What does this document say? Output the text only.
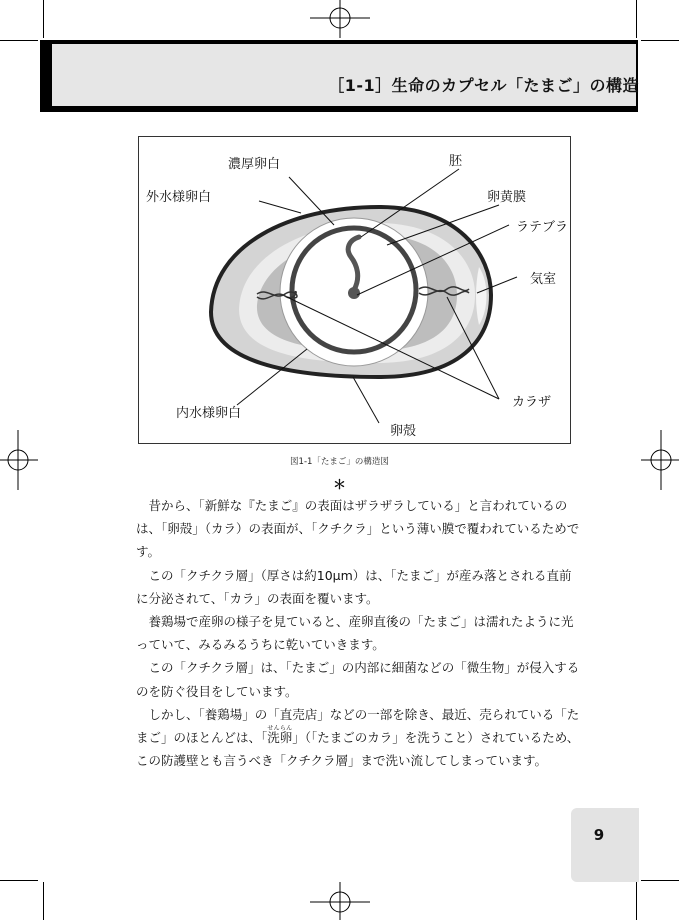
［1-1］生命のカプセル「たまご」の構造
濃厚卵白	胚
外水様卵白	卵黄膜
ラテブラ
気室
カラザ
内水様卵白
卵殻
図1-1「たまご」の構造図
＊

昔から、「新鮮な『たまご』の表面はザラザラしている」と言われているのは、「卵殻」（カラ）の表面が、「クチクラ」という薄い膜で覆われているためです。

この「クチクラ層」（厚さは約10μm）は、「たまご」が産み落とされる直前に分泌されて、「カラ」の表面を覆います。

養鶏場で産卵の様子を見ていると、産卵直後の「たまご」は濡れたように光っていて、みるみるうちに乾いていきます。

この「クチクラ層」は、「たまご」の内部に細菌などの「微生物」が侵入するのを防ぐ役目をしています。

しかし、「養鶏場」の「直売店」などの一部を除き、最近、売られている「たまご」のほとんどは、「洗卵せんらん」（「たまごのカラ」を洗うこと）されているため、この防護壁とも言うべき「クチクラ層」まで洗い流してしまっています。

9
